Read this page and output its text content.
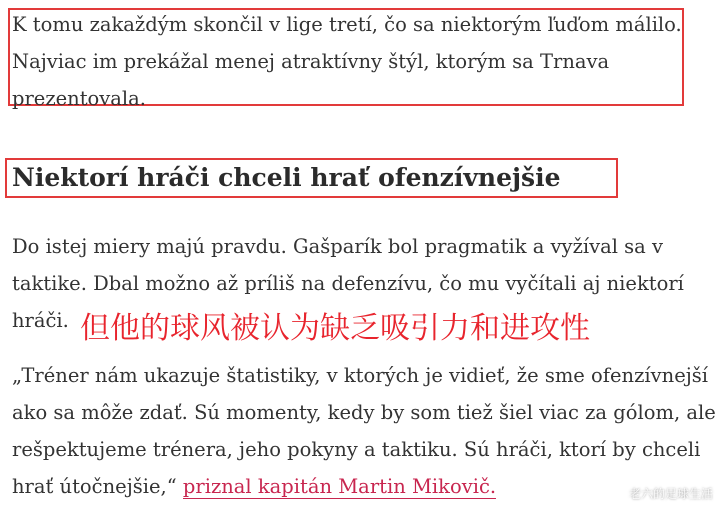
K tomu zakaždým skončil v lige tretí, čo sa niektorým ľuďom málilo.
Najviac im prekážal menej atraktívny štýl, ktorým sa Trnava
prezentovala.

Niektorí hráči chceli hrať ofenzívnejšie

Do istej miery majú pravdu. Gašparík bol pragmatik a vyžíval sa v
taktike. Dbal možno až príliš na defenzívu, čo mu vyčítali aj niektorí
hráči. 但他的球风被认为缺乏吸引力和进攻性

„Tréner nám ukazuje štatistiky, v ktorých je vidieť, že sme ofenzívnejší
ako sa môže zdať. Sú momenty, kedy by som tiež šiel viac za gólom, ale
rešpektujeme trénera, jeho pokyny a taktiku. Sú hráči, ktorí by chceli
hrať útočnejšie,“ priznal kapitán Martin Mikovič.	老六的足球生活
